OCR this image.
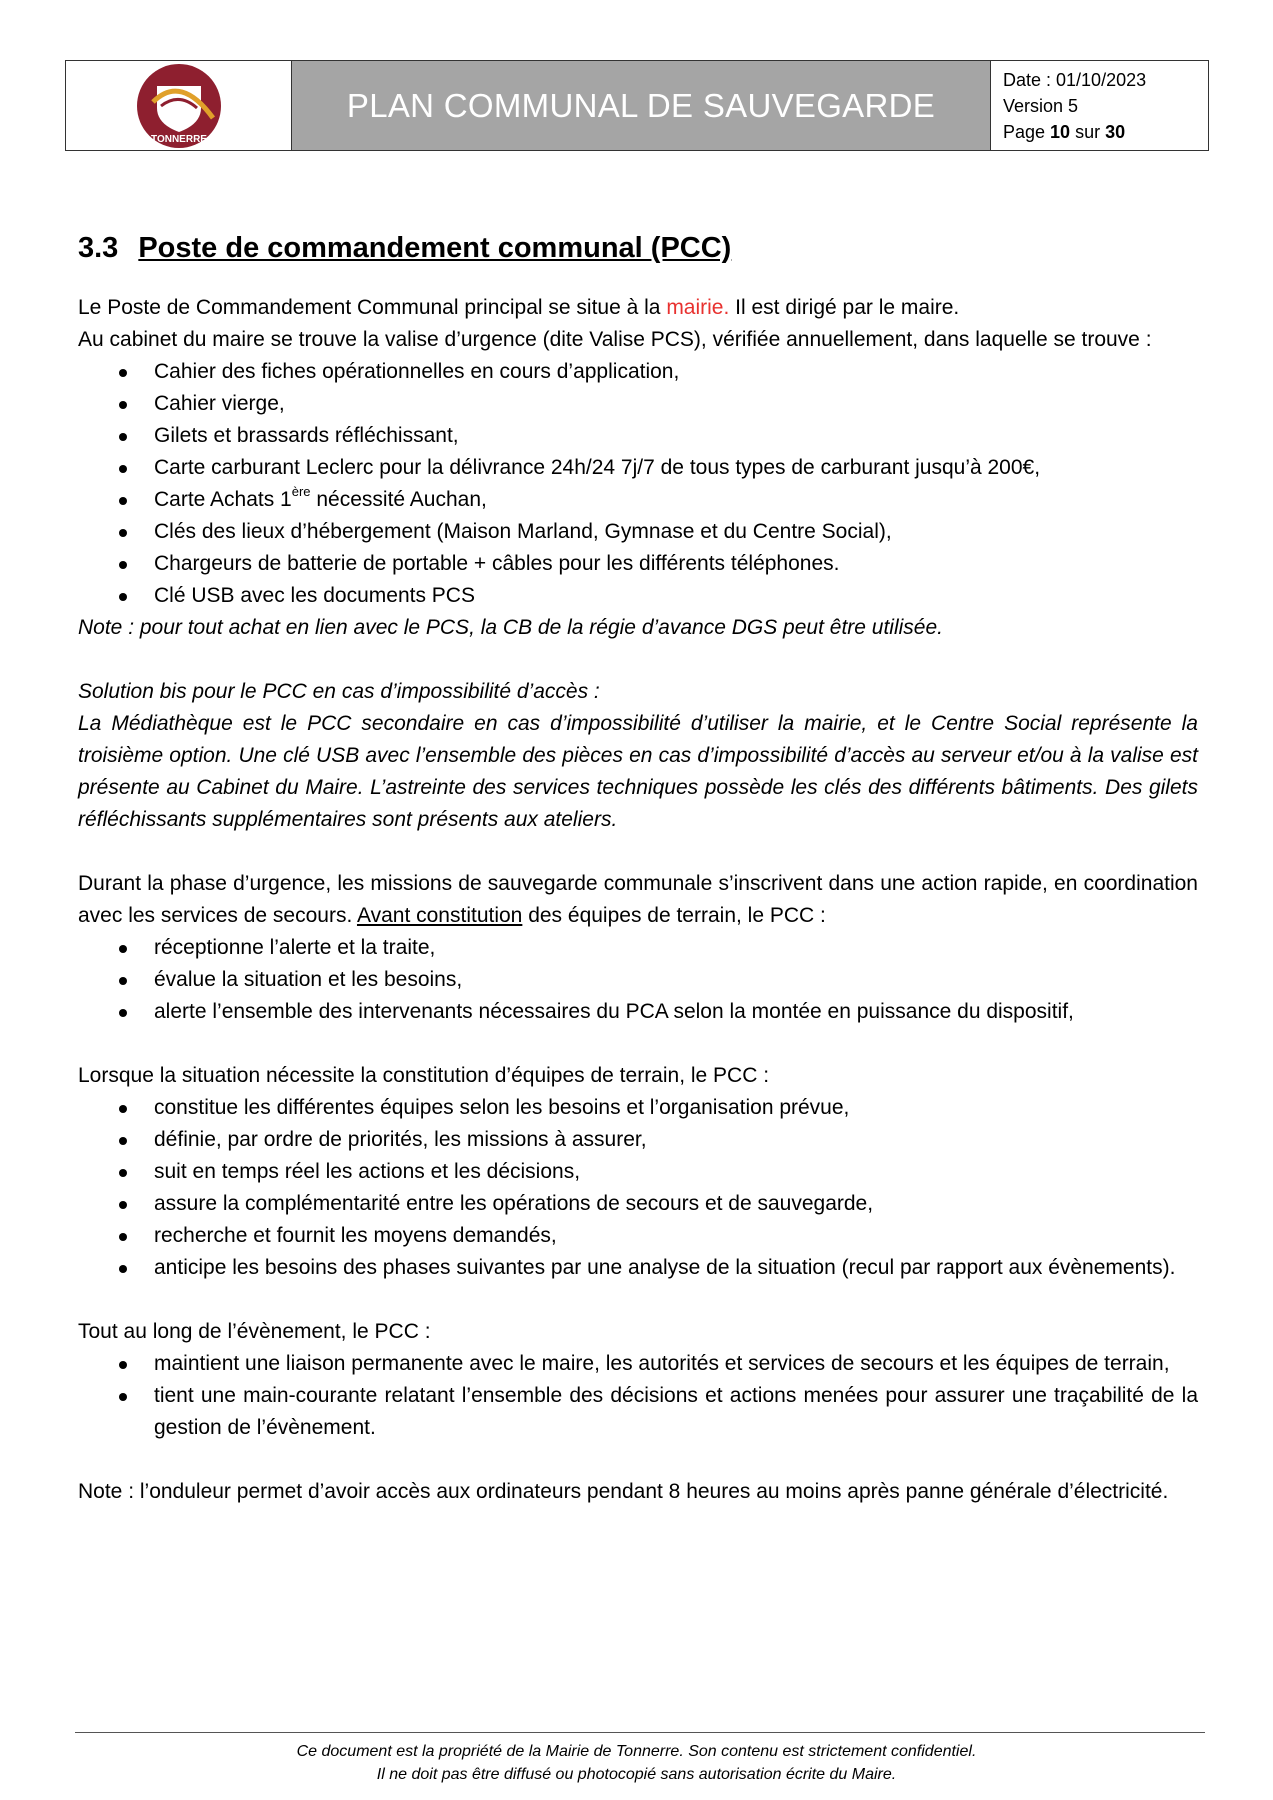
TONNERRE
PLAN COMMUNAL DE SAUVEGARDE
Date : 01/10/2023
Version 5
Page 10 sur 30
3.3 Poste de commandement communal (PCC)

Le Poste de Commandement Communal principal se situe à la mairie. Il est dirigé par le maire.

Au cabinet du maire se trouve la valise d’urgence (dite Valise PCS), vérifiée annuellement, dans laquelle se trouve :

Cahier des fiches opérationnelles en cours d’application,
Cahier vierge,
Gilets et brassards réfléchissant,
Carte carburant Leclerc pour la délivrance 24h/24 7j/7 de tous types de carburant jusqu’à 200€,
Carte Achats 1ère nécessité Auchan,
Clés des lieux d’hébergement (Maison Marland, Gymnase et du Centre Social),
Chargeurs de batterie de portable + câbles pour les différents téléphones.
Clé USB avec les documents PCS

Note : pour tout achat en lien avec le PCS, la CB de la régie d’avance DGS peut être utilisée.

Solution bis pour le PCC en cas d’impossibilité d’accès :

La Médiathèque est le PCC secondaire en cas d’impossibilité d’utiliser la mairie, et le Centre Social représente la troisième option. Une clé USB avec l’ensemble des pièces en cas d’impossibilité d’accès au serveur et/ou à la valise est présente au Cabinet du Maire. L’astreinte des services techniques possède les clés des différents bâtiments. Des gilets réfléchissants supplémentaires sont présents aux ateliers.

Durant la phase d’urgence, les missions de sauvegarde communale s’inscrivent dans une action rapide, en coordination avec les services de secours. Avant constitution des équipes de terrain, le PCC :

réceptionne l’alerte et la traite,
évalue la situation et les besoins,
alerte l’ensemble des intervenants nécessaires du PCA selon la montée en puissance du dispositif,

Lorsque la situation nécessite la constitution d’équipes de terrain, le PCC :

constitue les différentes équipes selon les besoins et l’organisation prévue,
définie, par ordre de priorités, les missions à assurer,
suit en temps réel les actions et les décisions,
assure la complémentarité entre les opérations de secours et de sauvegarde,
recherche et fournit les moyens demandés,
anticipe les besoins des phases suivantes par une analyse de la situation (recul par rapport aux évènements).

Tout au long de l’évènement, le PCC :

maintient une liaison permanente avec le maire, les autorités et services de secours et les équipes de terrain,
tient une main-courante relatant l’ensemble des décisions et actions menées pour assurer une traçabilité de la gestion de l’évènement.

Note : l’onduleur permet d’avoir accès aux ordinateurs pendant 8 heures au moins après panne générale d’électricité.

Ce document est la propriété de la Mairie de Tonnerre. Son contenu est strictement confidentiel.
Il ne doit pas être diffusé ou photocopié sans autorisation écrite du Maire.
